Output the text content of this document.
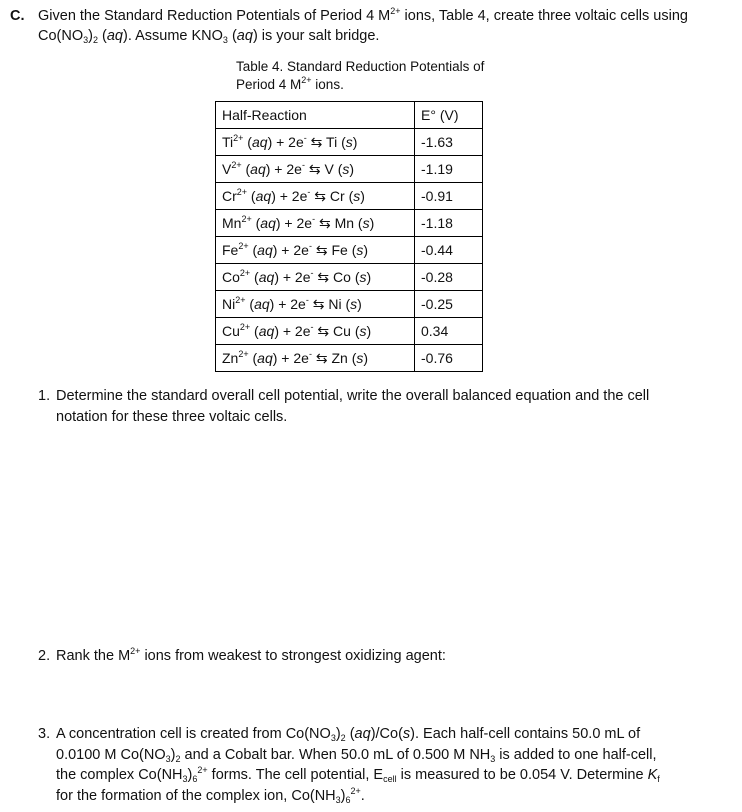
C. Given the Standard Reduction Potentials of Period 4 $M^{2+}$ ions, Table 4, create three voltaic cells using
$Co(NO_3)_2$ (aq). Assume $KNO_3$ (aq) is your salt bridge.
Table 4. Standard Reduction Potentials of
Period 4 $M^{2+}$ ions.
Half-Reaction	E° (V)
$Ti^{2+}$ (aq) + 2e- ⇆ Ti (s)	-1.63
$V^{2+}$ (aq) + 2e- ⇆ V (s)	-1.19
$Cr^{2+}$ (aq) + 2e- ⇆ Cr (s)	-0.91
$Mn^{2+}$ (aq) + 2e- ⇆ Mn (s)	-1.18
$Fe^{2+}$ (aq) + 2e- ⇆ Fe (s)	-0.44
$Co^{2+}$ (aq) + 2e- ⇆ Co (s)	-0.28
$Ni^{2+}$ (aq) + 2e- ⇆ Ni (s)	-0.25
$Cu^{2+}$ (aq) + 2e- ⇆ Cu (s)	0.34
$Zn^{2+}$ (aq) + 2e- ⇆ Zn (s)	-0.76
1. Determine the standard overall cell potential, write the overall balanced equation and the cell
notation for these three voltaic cells.
2. Rank the $M^{2+}$ ions from weakest to strongest oxidizing agent:
3. A concentration cell is created from $Co(NO_3)_2$ (aq)/Co(s). Each half-cell contains 50.0 mL of
0.0100 M $Co(NO_3)_2$ and a Cobalt bar. When 50.0 mL of 0.500 M $NH_3$ is added to one half-cell,
the complex $Co(NH_3)_6^{2+}$ forms. The cell potential, $E_{cell}$ is measured to be 0.054 V. Determine $K_f$
for the formation of the complex ion, $Co(NH_3)_6^{2+}$.
